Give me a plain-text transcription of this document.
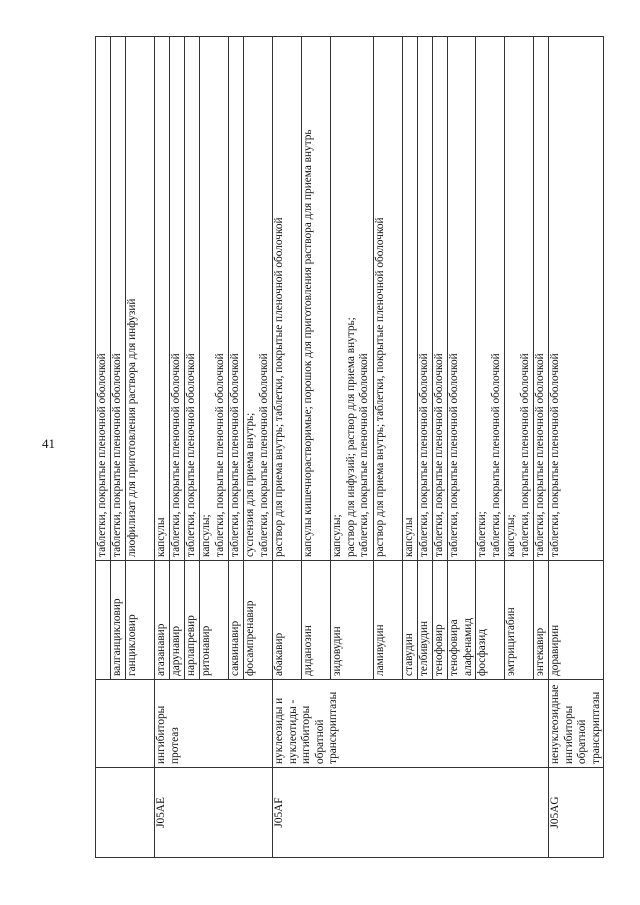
41

			таблетки, покрытые пленочной оболочкой

		валганцикловир	таблетки, покрытые пленочной оболочкой

		ганцикловир	лиофилизат для приготовления раствора для инфузий

J05AE	ингибиторы протеаз	атазанавир	капсулы

		дарунавир	таблетки, покрытые пленочной оболочкой

		нарлапревир	таблетки, покрытые пленочной оболочкой

		ритонавир	капсулы; таблетки, покрытые пленочной оболочкой

		саквинавир	таблетки, покрытые пленочной оболочкой

		фосампренавир	суспензия для приема внутрь; таблетки, покрытые пленочной оболочкой

J05AF	нуклеозиды и нуклеотиды - ингибиторы обратной транскриптазы	абакавир	раствор для приема внутрь; таблетки, покрытые пленочной оболочкой

		диданозин	капсулы кишечнорастворимые; порошок для приготовления раствора для приема внутрь

		зидовудин	капсулы; раствор для инфузий; раствор для приема внутрь; таблетки, покрытые пленочной оболочкой

		ламивудин	раствор для приема внутрь; таблетки, покрытые пленочной оболочкой

		ставудин	капсулы

		телбивудин	таблетки, покрытые пленочной оболочкой

		тенофовир	таблетки, покрытые пленочной оболочкой

		тенофовира алафенамид	таблетки, покрытые пленочной оболочкой

		фосфазид	таблетки; таблетки, покрытые пленочной оболочкой

		эмтрицитабин	капсулы; таблетки, покрытые пленочной оболочкой

		энтекавир	таблетки, покрытые пленочной оболочкой

J05AG	ненуклеозидные ингибиторы обратной транскриптазы	доравирин	таблетки, покрытые пленочной оболочкой
